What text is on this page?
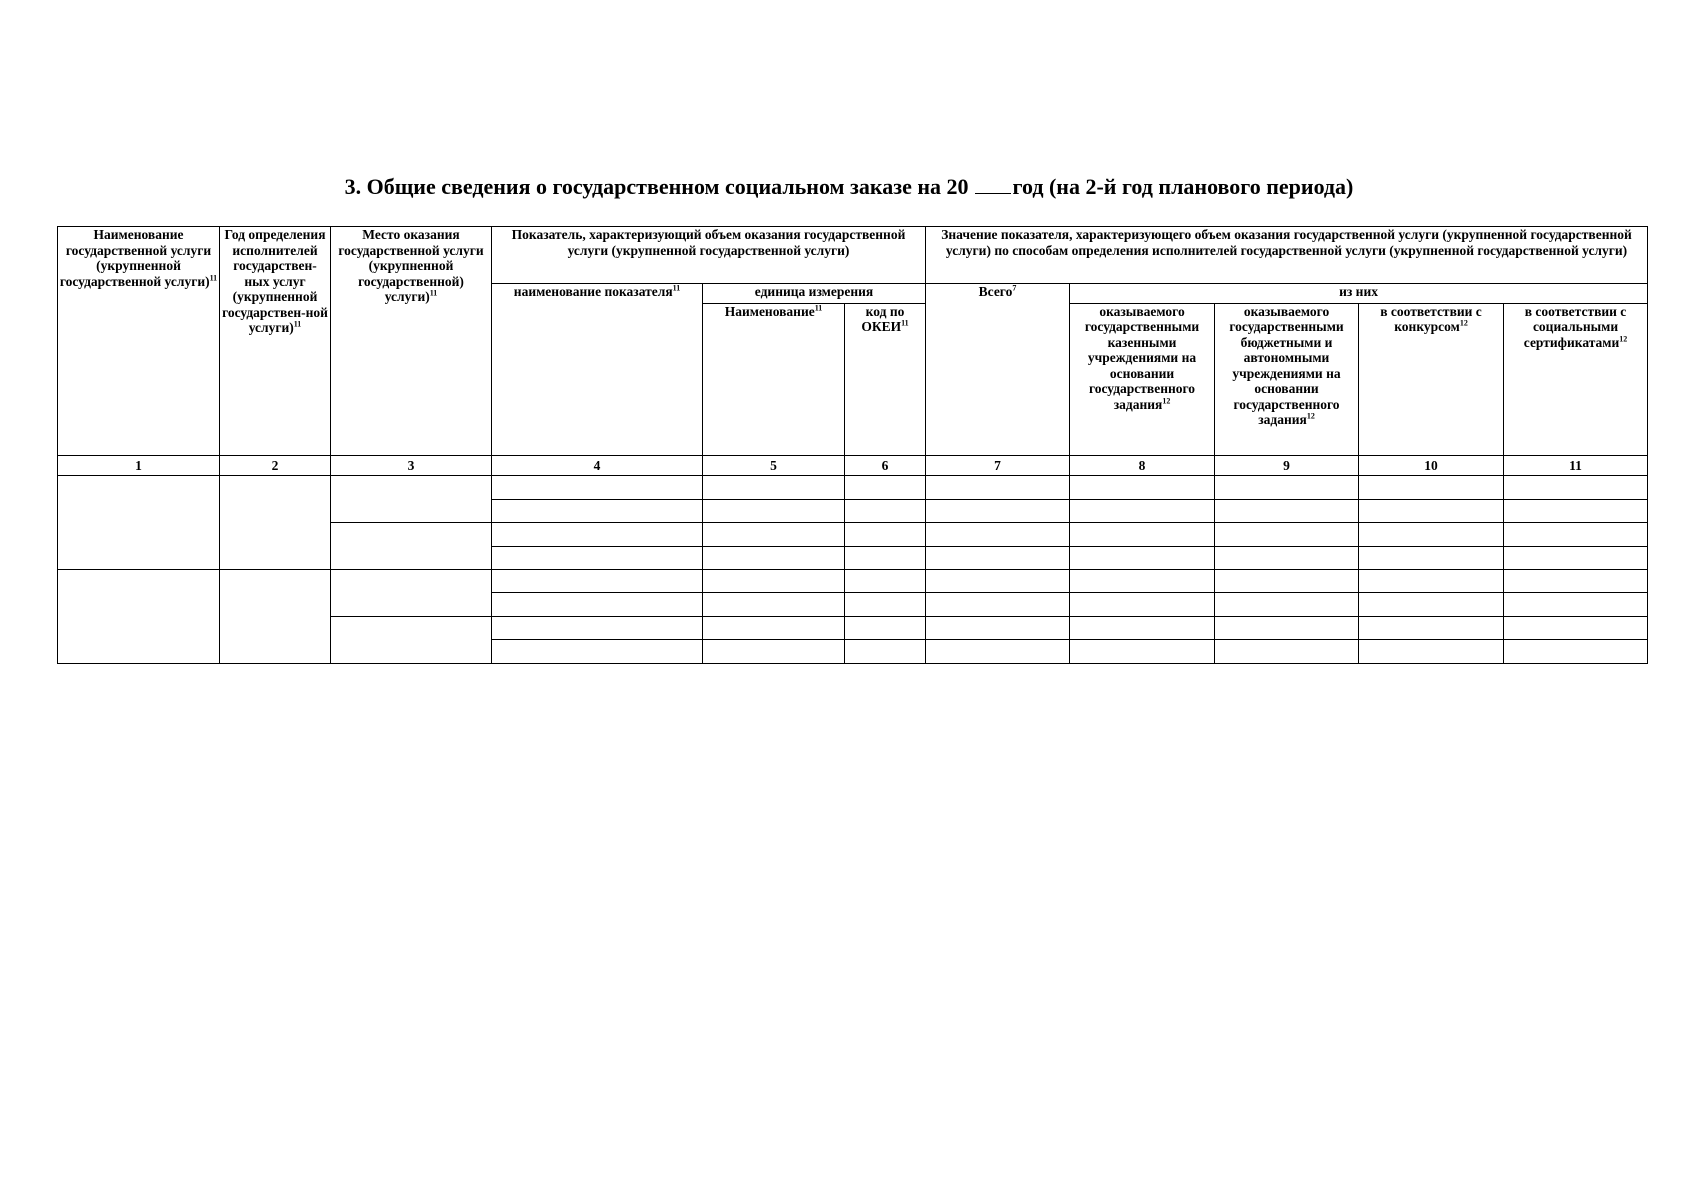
3. Общие сведения о государственном социальном заказе на 20 год (на 2-й год планового периода)
Наименование государственной услуги (укрупненной государственной услуги)$^{11}$	Год определения исполнителей государствен-ных услуг (укрупненной государствен-ной услуги)$^{11}$	Место оказания государственной услуги (укрупненной государственной) услуги)$^{11}$	Показатель, характеризующий объем оказания государственной услуги (укрупненной государственной услуги)			Значение показателя, характеризующего объем оказания государственной услуги (укрупненной государственной услуги) по способам определения исполнителей государственной услуги (укрупненной государственной услуги)				
			наименование показателя$^{11}$	единица измерения		Всего$^7$	из них			
				Наименование$^{11}$	код по ОКЕИ$^{11}$		оказываемого государственными казенными учреждениями на основании государственного задания$^{12}$	оказываемого государственными бюджетными и автономными учреждениями на основании государственного задания$^{12}$	в соответствии с конкурсом$^{12}$	в соответствии с социальными сертификатами$^{12}$
1	2	3	4	5	6	7	8	9	10	11
